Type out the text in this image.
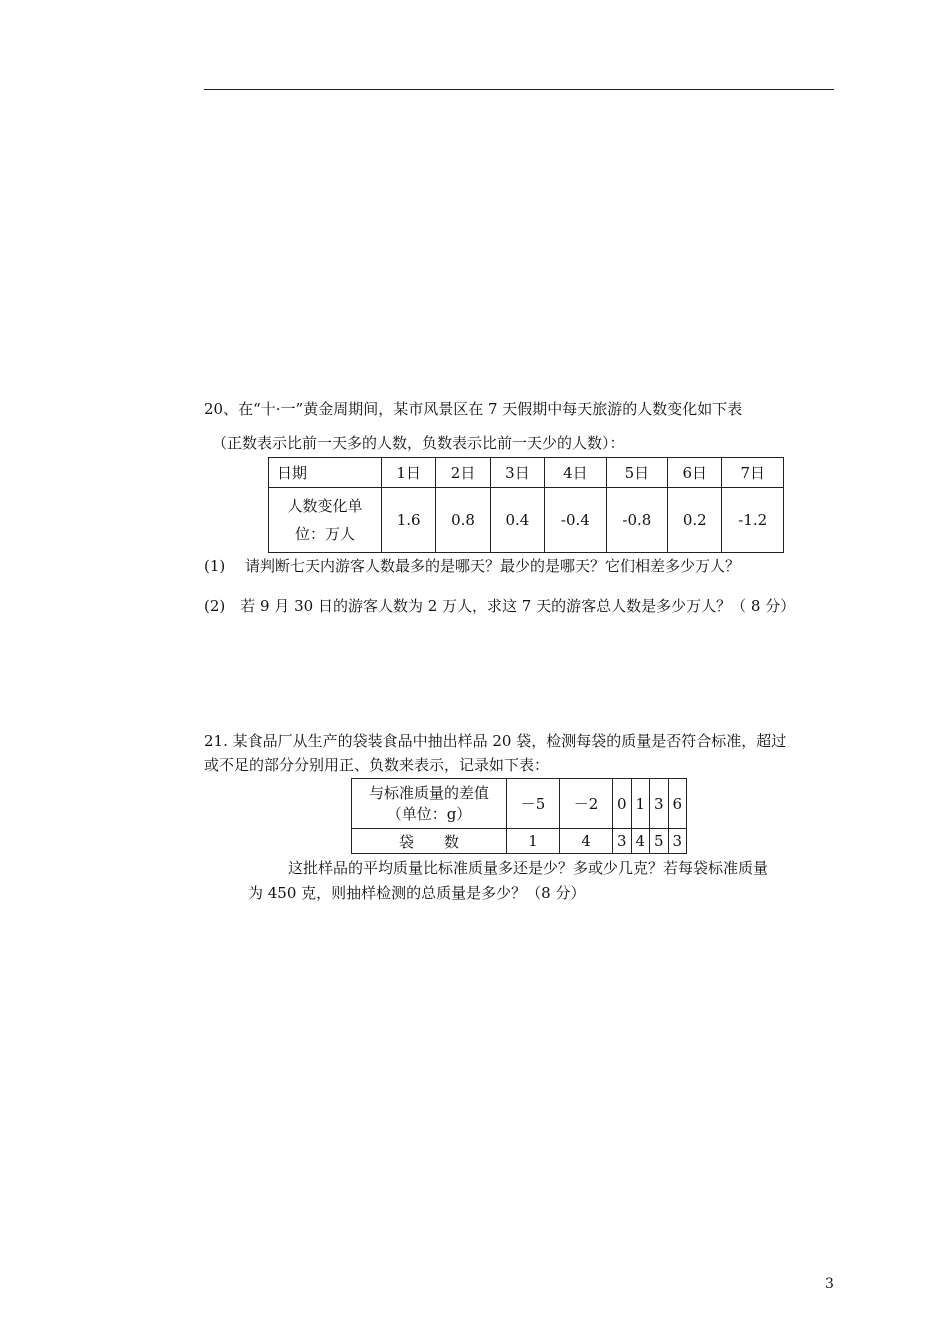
20、在“十·一”黄金周期间，某市风景区在 7 天假期中每天旅游的人数变化如下表
（正数表示比前一天多的人数，负数表示比前一天少的人数）：
日期	1日	2日	3日	4日	5日	6日	7日

人数变化单
位：万人	1.6	0.8	0.4	-0.4	-0.8	0.2	-1.2
(1)　 请判断七天内游客人数最多的是哪天？最少的是哪天？它们相差多少万人？
(2)　若 9 月 30 日的游客人数为 2 万人，求这 7 天的游客总人数是多少万人？（ 8 分）
21. 某食品厂从生产的袋装食品中抽出样品 20 袋，检测每袋的质量是否符合标准，超过
或不足的部分分别用正、负数来表示，记录如下表：
与标准质量的差值
（单位：g）	－5	－2	0	1	3	6
袋　　数	1	4	3	4	5	3
这批样品的平均质量比标准质量多还是少？多或少几克？若每袋标准质量
为 450 克，则抽样检测的总质量是多少？（8 分）
3
